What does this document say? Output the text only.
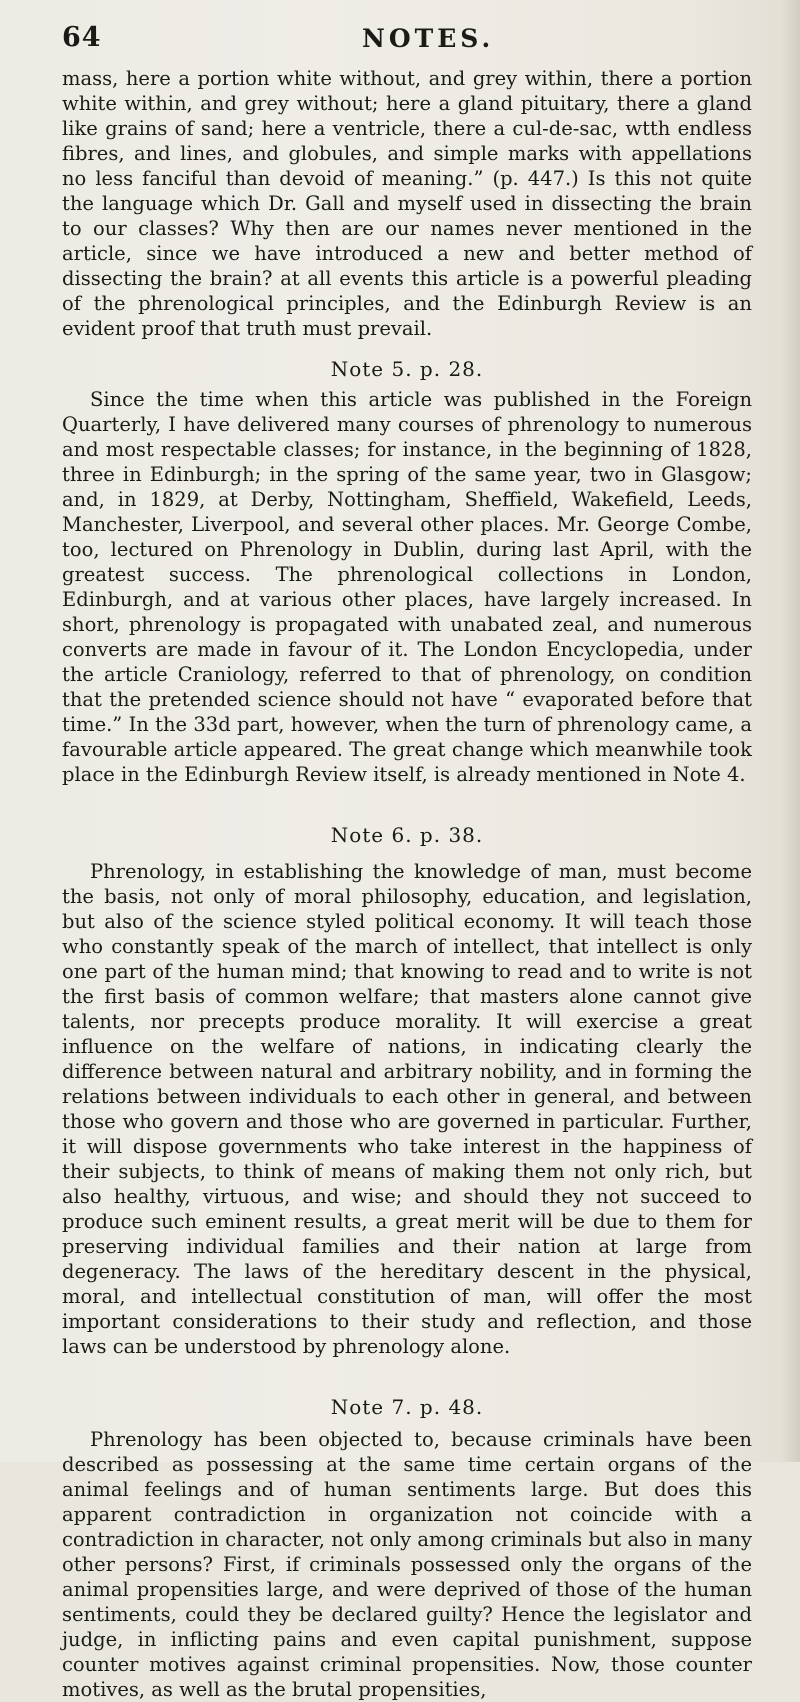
64	NOTES.

mass, here a portion white without, and grey within, there a portion white within, and grey without; here a gland pituitary, there a gland like grains of sand; here a ventricle, there a cul-de-sac, wtth endless fibres, and lines, and globules, and simple marks with appellations no less fanciful than devoid of meaning.” (p. 447.) Is this not quite the language which Dr. Gall and myself used in dissecting the brain to our classes? Why then are our names never mentioned in the article, since we have introduced a new and better method of dissecting the brain? at all events this article is a powerful pleading of the phrenological principles, and the Edinburgh Review is an evident proof that truth must prevail.

Note 5. p. 28.

Since the time when this article was published in the Foreign Quarterly, I have delivered many courses of phrenology to numerous and most respectable classes; for instance, in the beginning of 1828, three in Edinburgh; in the spring of the same year, two in Glasgow; and, in 1829, at Derby, Nottingham, Sheffield, Wakefield, Leeds, Manchester, Liverpool, and several other places. Mr. George Combe, too, lectured on Phrenology in Dublin, during last April, with the greatest success. The phrenological collections in London, Edinburgh, and at various other places, have largely increased. In short, phrenology is propagated with unabated zeal, and numerous converts are made in favour of it. The London Encyclopedia, under the article Craniology, referred to that of phrenology, on condition that the pretended science should not have “ evaporated before that time.” In the 33d part, however, when the turn of phrenology came, a favourable article appeared. The great change which meanwhile took place in the Edinburgh Review itself, is already mentioned in Note 4.

Note 6. p. 38.

Phrenology, in establishing the knowledge of man, must become the basis, not only of moral philosophy, education, and legislation, but also of the science styled political economy. It will teach those who constantly speak of the march of intellect, that intellect is only one part of the human mind; that knowing to read and to write is not the first basis of common welfare; that masters alone cannot give talents, nor precepts produce morality. It will exercise a great influence on the welfare of nations, in indicating clearly the difference between natural and arbitrary nobility, and in forming the relations between individuals to each other in general, and between those who govern and those who are governed in particular. Further, it will dispose governments who take interest in the happiness of their subjects, to think of means of making them not only rich, but also healthy, virtuous, and wise; and should they not succeed to produce such eminent results, a great merit will be due to them for preserving individual families and their nation at large from degeneracy. The laws of the hereditary descent in the physical, moral, and intellectual constitution of man, will offer the most important considerations to their study and reflection, and those laws can be understood by phrenology alone.

Note 7. p. 48.

Phrenology has been objected to, because criminals have been described as possessing at the same time certain organs of the animal feelings and of human sentiments large. But does this apparent contradiction in organization not coincide with a contradiction in character, not only among criminals but also in many other persons? First, if criminals possessed only the organs of the animal propensities large, and were deprived of those of the human sentiments, could they be declared guilty? Hence the legislator and judge, in inflicting pains and even capital punishment, suppose counter motives against criminal propensities. Now, those counter motives, as well as the brutal propensities,
